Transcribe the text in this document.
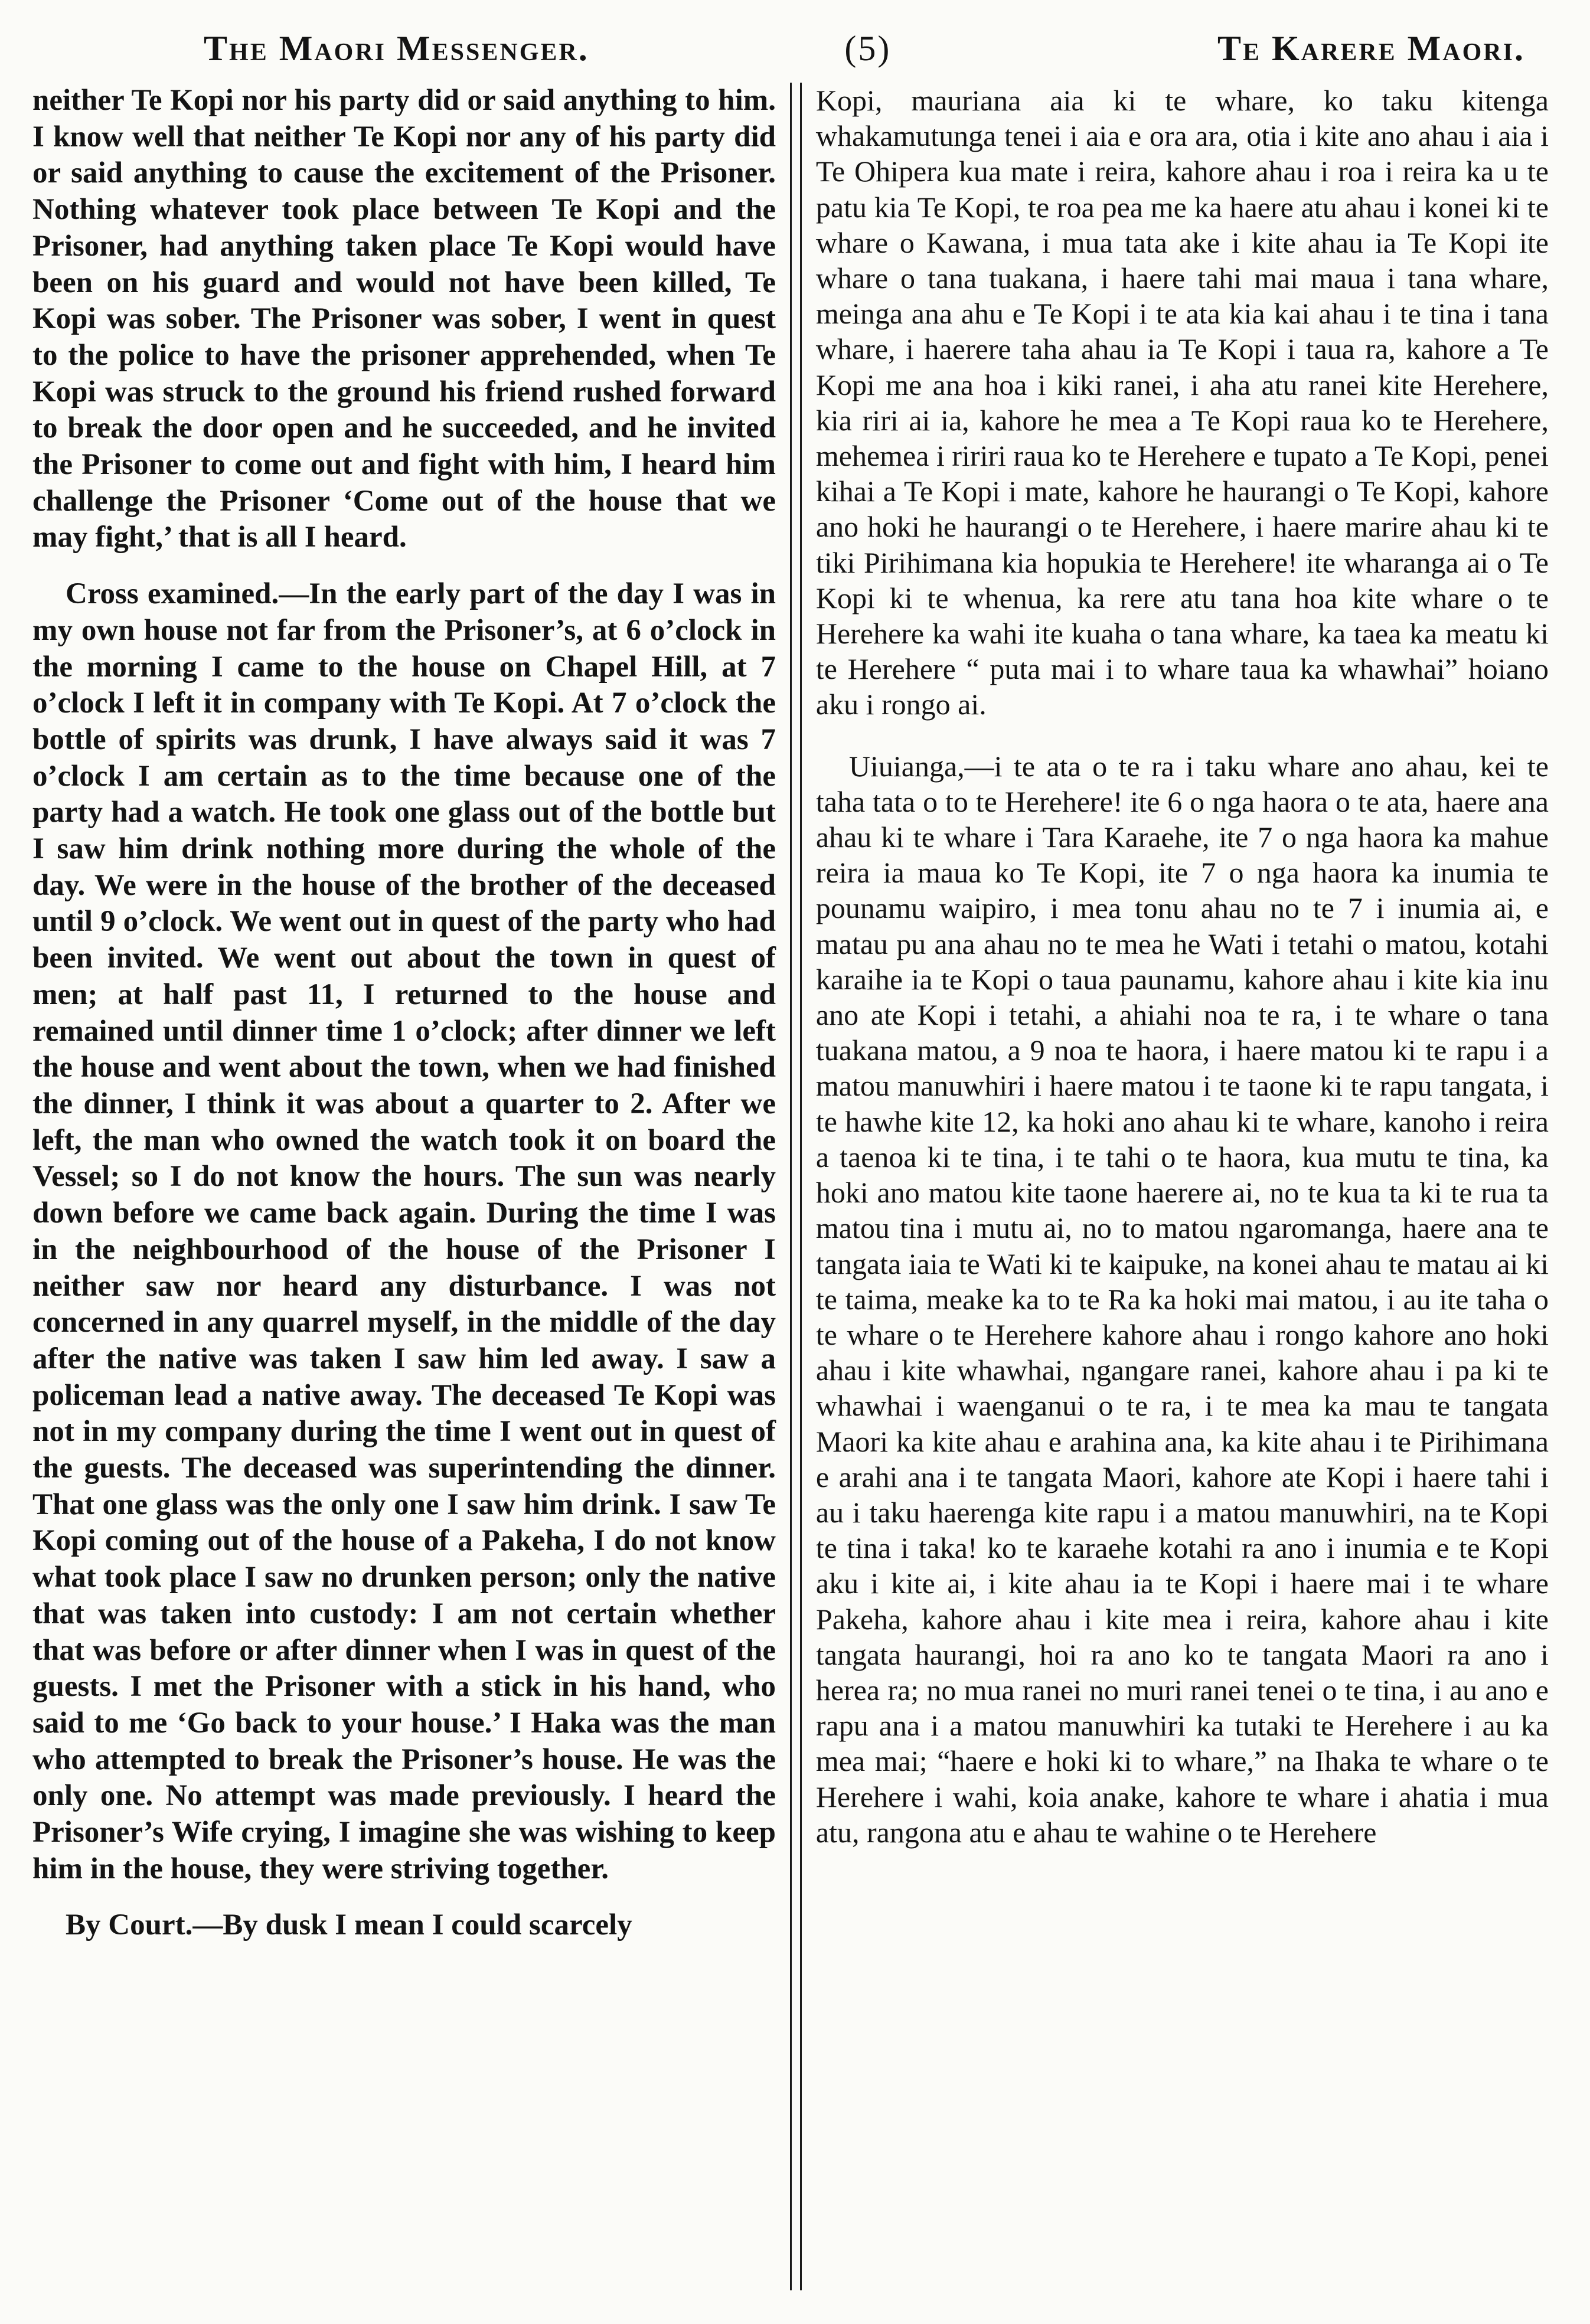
The Maori Messenger.	(5)	Te Karere Maori.

neither Te Kopi nor his party did or said anything to him. I know well that neither Te Kopi nor any of his party did or said anything to cause the excitement of the Prisoner. Nothing whatever took place between Te Kopi and the Prisoner, had anything taken place Te Kopi would have been on his guard and would not have been killed, Te Kopi was sober. The Prisoner was sober, I went in quest to the police to have the prisoner apprehended, when Te Kopi was struck to the ground his friend rushed forward to break the door open and he succeeded, and he invited the Prisoner to come out and fight with him, I heard him challenge the Prisoner ‘Come out of the house that we may fight,’ that is all I heard.

Cross examined.—In the early part of the day I was in my own house not far from the Prisoner’s, at 6 o’clock in the morning I came to the house on Chapel Hill, at 7 o’clock I left it in company with Te Kopi. At 7 o’clock the bottle of spirits was drunk, I have always said it was 7 o’clock I am certain as to the time because one of the party had a watch. He took one glass out of the bottle but I saw him drink nothing more during the whole of the day. We were in the house of the brother of the deceased until 9 o’clock. We went out in quest of the party who had been invited. We went out about the town in quest of men; at half past 11, I returned to the house and remained until dinner time 1 o’clock; after dinner we left the house and went about the town, when we had finished the dinner, I think it was about a quarter to 2. After we left, the man who owned the watch took it on board the Vessel; so I do not know the hours. The sun was nearly down before we came back again. During the time I was in the neighbourhood of the house of the Prisoner I neither saw nor heard any disturbance. I was not concerned in any quarrel myself, in the middle of the day after the native was taken I saw him led away. I saw a policeman lead a native away. The deceased Te Kopi was not in my company during the time I went out in quest of the guests. The deceased was superintending the dinner. That one glass was the only one I saw him drink. I saw Te Kopi coming out of the house of a Pakeha, I do not know what took place I saw no drunken person; only the native that was taken into custody: I am not certain whether that was before or after dinner when I was in quest of the guests. I met the Prisoner with a stick in his hand, who said to me ‘Go back to your house.’ I Haka was the man who attempted to break the Prisoner’s house. He was the only one. No attempt was made previously. I heard the Prisoner’s Wife crying, I imagine she was wishing to keep him in the house, they were striving together.

By Court.—By dusk I mean I could scarcely

Kopi, mauriana aia ki te whare, ko taku kitenga whakamutunga tenei i aia e ora ara, otia i kite ano ahau i aia i Te Ohipera kua mate i reira, kahore ahau i roa i reira ka u te patu kia Te Kopi, te roa pea me ka haere atu ahau i konei ki te whare o Kawana, i mua tata ake i kite ahau ia Te Kopi ite whare o tana tuakana, i haere tahi mai maua i tana whare, meinga ana ahu e Te Kopi i te ata kia kai ahau i te tina i tana whare, i haerere taha ahau ia Te Kopi i taua ra, kahore a Te Kopi me ana hoa i kiki ranei, i aha atu ranei kite Herehere, kia riri ai ia, kahore he mea a Te Kopi raua ko te Herehere, mehemea i ririri raua ko te Herehere e tupato a Te Kopi, penei kihai a Te Kopi i mate, kahore he haurangi o Te Kopi, kahore ano hoki he haurangi o te Herehere, i haere marire ahau ki te tiki Pirihimana kia hopukia te Herehere! ite wharanga ai o Te Kopi ki te whenua, ka rere atu tana hoa kite whare o te Herehere ka wahi ite kuaha o tana whare, ka taea ka meatu ki te Herehere “ puta mai i to whare taua ka whawhai” hoiano aku i rongo ai.

Uiuianga,—i te ata o te ra i taku whare ano ahau, kei te taha tata o to te Herehere! ite 6 o nga haora o te ata, haere ana ahau ki te whare i Tara Karaehe, ite 7 o nga haora ka mahue reira ia maua ko Te Kopi, ite 7 o nga haora ka inumia te pounamu waipiro, i mea tonu ahau no te 7 i inumia ai, e matau pu ana ahau no te mea he Wati i tetahi o matou, kotahi karaihe ia te Kopi o taua paunamu, kahore ahau i kite kia inu ano ate Kopi i tetahi, a ahiahi noa te ra, i te whare o tana tuakana matou, a 9 noa te haora, i haere matou ki te rapu i a matou manuwhiri i haere matou i te taone ki te rapu tangata, i te hawhe kite 12, ka hoki ano ahau ki te whare, kanoho i reira a taenoa ki te tina, i te tahi o te haora, kua mutu te tina, ka hoki ano matou kite taone haerere ai, no te kua ta ki te rua ta matou tina i mutu ai, no to matou ngaromanga, haere ana te tangata iaia te Wati ki te kaipuke, na konei ahau te matau ai ki te taima, meake ka to te Ra ka hoki mai matou, i au ite taha o te whare o te Herehere kahore ahau i rongo kahore ano hoki ahau i kite whawhai, ngangare ranei, kahore ahau i pa ki te whawhai i waenganui o te ra, i te mea ka mau te tangata Maori ka kite ahau e arahina ana, ka kite ahau i te Pirihimana e arahi ana i te tangata Maori, kahore ate Kopi i haere tahi i au i taku haerenga kite rapu i a matou manuwhiri, na te Kopi te tina i taka! ko te karaehe kotahi ra ano i inumia e te Kopi aku i kite ai, i kite ahau ia te Kopi i haere mai i te whare Pakeha, kahore ahau i kite mea i reira, kahore ahau i kite tangata haurangi, hoi ra ano ko te tangata Maori ra ano i herea ra; no mua ranei no muri ranei tenei o te tina, i au ano e rapu ana i a matou manuwhiri ka tutaki te Herehere i au ka mea mai; “haere e hoki ki to whare,” na Ihaka te whare o te Herehere i wahi, koia anake, kahore te whare i ahatia i mua atu, rangona atu e ahau te wahine o te Herehere
